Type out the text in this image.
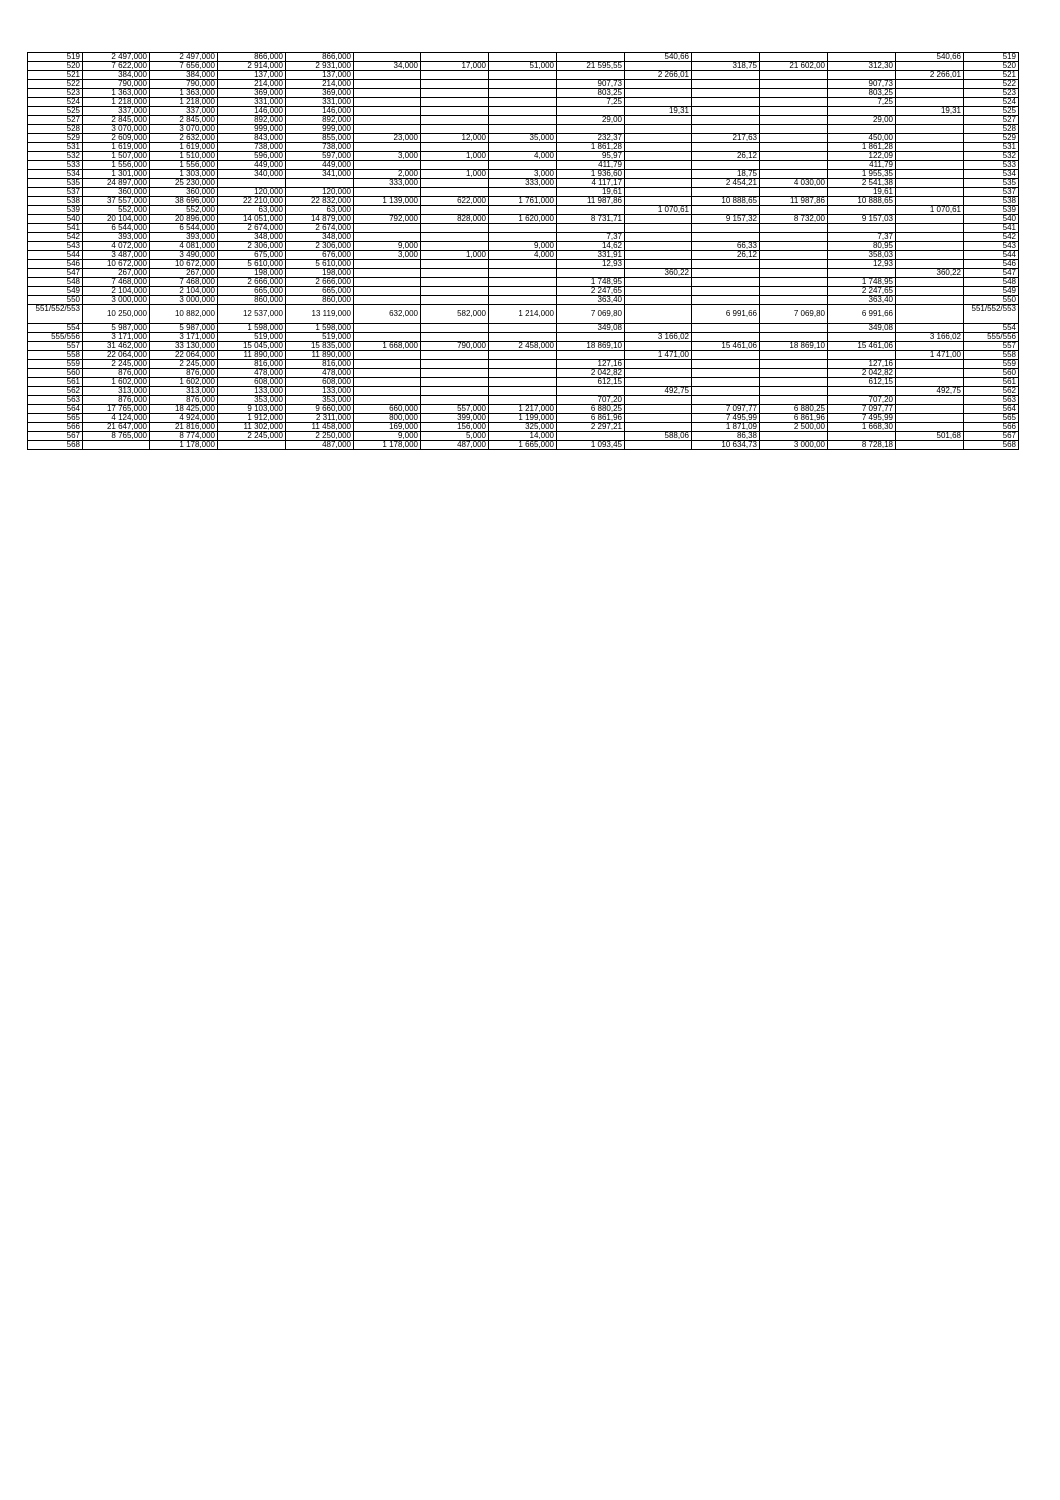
519	2 497,000	2 497,000	866,000	866,000					540,66				540,66	519
520	7 622,000	7 656,000	2 914,000	2 931,000	34,000	17,000	51,000	21 595,55		318,75	21 602,00	312,30		520
521	384,000	384,000	137,000	137,000					2 266,01				2 266,01	521
522	790,000	790,000	214,000	214,000				907,73				907,73		522
523	1 363,000	1 363,000	369,000	369,000				803,25				803,25		523
524	1 218,000	1 218,000	331,000	331,000				7,25				7,25		524
525	337,000	337,000	146,000	146,000					19,31				19,31	525
527	2 845,000	2 845,000	892,000	892,000				29,00				29,00		527
528	3 070,000	3 070,000	999,000	999,000										528
529	2 609,000	2 632,000	843,000	855,000	23,000	12,000	35,000	232,37		217,63		450,00		529
531	1 619,000	1 619,000	738,000	738,000				1 861,28				1 861,28		531
532	1 507,000	1 510,000	596,000	597,000	3,000	1,000	4,000	95,97		26,12		122,09		532
533	1 556,000	1 556,000	449,000	449,000				411,79				411,79		533
534	1 301,000	1 303,000	340,000	341,000	2,000	1,000	3,000	1 936,60		18,75		1 955,35		534
535	24 897,000	25 230,000			333,000		333,000	4 117,17		2 454,21	4 030,00	2 541,38		535
537	360,000	360,000	120,000	120,000				19,61				19,61		537
538	37 557,000	38 696,000	22 210,000	22 832,000	1 139,000	622,000	1 761,000	11 987,86		10 888,65	11 987,86	10 888,65		538
539	552,000	552,000	63,000	63,000					1 070,61				1 070,61	539
540	20 104,000	20 896,000	14 051,000	14 879,000	792,000	828,000	1 620,000	8 731,71		9 157,32	8 732,00	9 157,03		540
541	6 544,000	6 544,000	2 674,000	2 674,000										541
542	393,000	393,000	348,000	348,000				7,37				7,37		542
543	4 072,000	4 081,000	2 306,000	2 306,000	9,000		9,000	14,62		66,33		80,95		543
544	3 487,000	3 490,000	675,000	676,000	3,000	1,000	4,000	331,91		26,12		358,03		544
546	10 672,000	10 672,000	5 610,000	5 610,000				12,93				12,93		546
547	267,000	267,000	198,000	198,000					360,22				360,22	547
548	7 468,000	7 468,000	2 666,000	2 666,000				1 748,95				1 748,95		548
549	2 104,000	2 104,000	665,000	665,000				2 247,65				2 247,65		549
550	3 000,000	3 000,000	860,000	860,000				363,40				363,40		550
551/552/553	10 250,000	10 882,000	12 537,000	13 119,000	632,000	582,000	1 214,000	7 069,80		6 991,66	7 069,80	6 991,66		551/552/553
554	5 987,000	5 987,000	1 598,000	1 598,000				349,08				349,08		554
555/556	3 171,000	3 171,000	519,000	519,000					3 166,02				3 166,02	555/556
557	31 462,000	33 130,000	15 045,000	15 835,000	1 668,000	790,000	2 458,000	18 869,10		15 461,06	18 869,10	15 461,06		557
558	22 064,000	22 064,000	11 890,000	11 890,000					1 471,00				1 471,00	558
559	2 245,000	2 245,000	816,000	816,000				127,16				127,16		559
560	876,000	876,000	478,000	478,000				2 042,82				2 042,82		560
561	1 602,000	1 602,000	608,000	608,000				612,15				612,15		561
562	313,000	313,000	133,000	133,000					492,75				492,75	562
563	876,000	876,000	353,000	353,000				707,20				707,20		563
564	17 765,000	18 425,000	9 103,000	9 660,000	660,000	557,000	1 217,000	6 880,25		7 097,77	6 880,25	7 097,77		564
565	4 124,000	4 924,000	1 912,000	2 311,000	800,000	399,000	1 199,000	6 861,96		7 495,99	6 861,96	7 495,99		565
566	21 647,000	21 816,000	11 302,000	11 458,000	169,000	156,000	325,000	2 297,21		1 871,09	2 500,00	1 668,30		566
567	8 765,000	8 774,000	2 245,000	2 250,000	9,000	5,000	14,000		588,06	86,38			501,68	567
568		1 178,000		487,000	1 178,000	487,000	1 665,000	1 093,45		10 634,73	3 000,00	8 728,18		568
